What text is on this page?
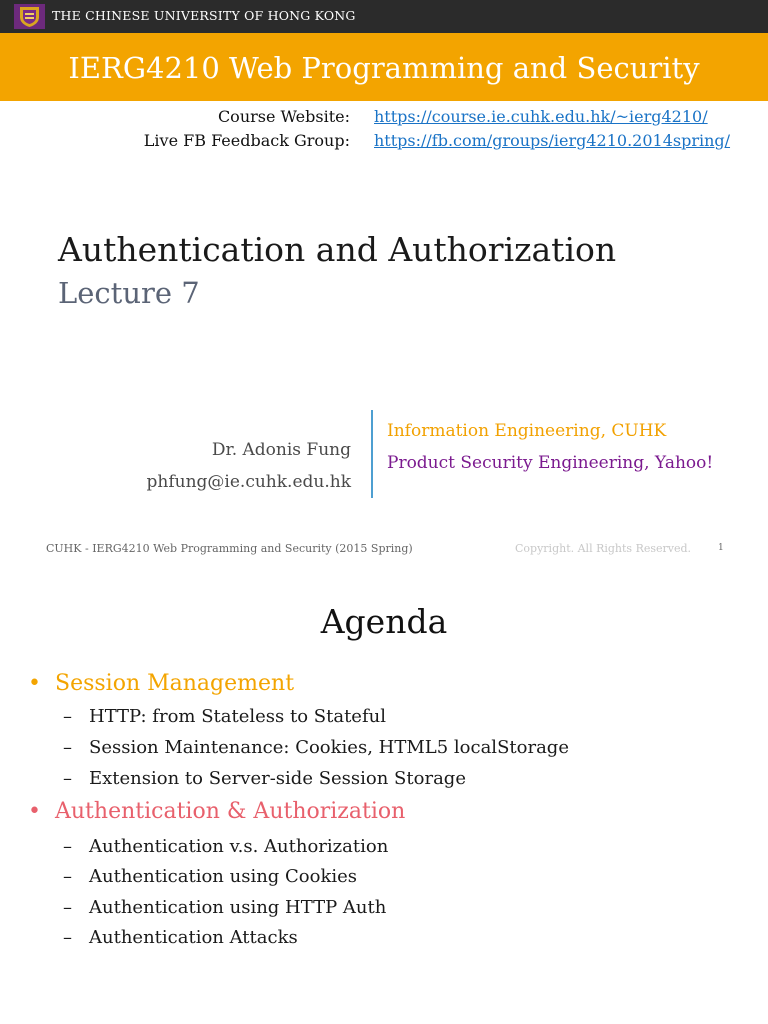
THE CHINESE UNIVERSITY OF HONG KONG
IERG4210 Web Programming and Security
Course Website: https://course.ie.cuhk.edu.hk/~ierg4210/
Live FB Feedback Group: https://fb.com/groups/ierg4210.2014spring/
Authentication and Authorization
Lecture 7
Dr. Adonis Fung
phfung@ie.cuhk.edu.hk
Information Engineering, CUHK
Product Security Engineering, Yahoo!
CUHK - IERG4210 Web Programming and Security (2015 Spring)	Copyright. All Rights Reserved.	1
Agenda
• Session Management
– HTTP: from Stateless to Stateful
– Session Maintenance: Cookies, HTML5 localStorage
– Extension to Server-side Session Storage
• Authentication & Authorization
– Authentication v.s. Authorization
– Authentication using Cookies
– Authentication using HTTP Auth
– Authentication Attacks
